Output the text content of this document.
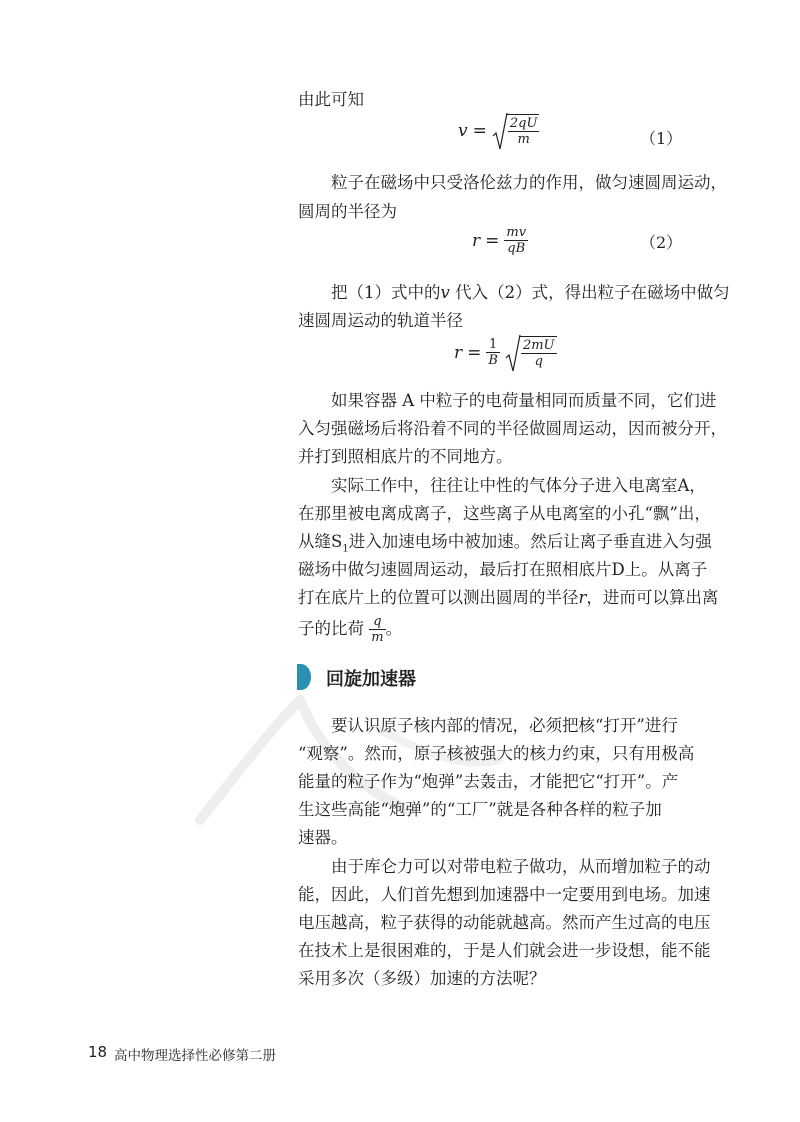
由此可知
$v = \frac{2qU}{m}$	（1）
粒子在磁场中只受洛伦兹力的作用，做匀速圆周运动，
圆周的半径为
$r = \frac{mv}{qB}$	（2）
把（1）式中的v 代入（2）式，得出粒子在磁场中做匀
速圆周运动的轨道半径
$r = \frac{1}{B} \frac{2mU}{q}$
如果容器 A 中粒子的电荷量相同而质量不同，它们进
入匀强磁场后将沿着不同的半径做圆周运动，因而被分开，
并打到照相底片的不同地方。
实际工作中，往往让中性的气体分子进入电离室A，
在那里被电离成离子，这些离子从电离室的小孔“飘”出，
从缝$S_1$进入加速电场中被加速。然后让离子垂直进入匀强
磁场中做匀速圆周运动，最后打在照相底片D上。从离子
打在底片上的位置可以测出圆周的半径r，进而可以算出离
子的比荷 $\frac{q}{m}$ 。
回旋加速器
要认识原子核内部的情况，必须把核“打开”进行
“观察”。然而，原子核被强大的核力约束，只有用极高
能量的粒子作为“炮弹”去轰击，才能把它“打开”。产
生这些高能“炮弹”的“工厂”就是各种各样的粒子加
速器。
由于库仑力可以对带电粒子做功，从而增加粒子的动
能，因此，人们首先想到加速器中一定要用到电场。加速
电压越高，粒子获得的动能就越高。然而产生过高的电压
在技术上是很困难的，于是人们就会进一步设想，能不能
采用多次（多级）加速的方法呢？
18 高中物理选择性必修第二册
